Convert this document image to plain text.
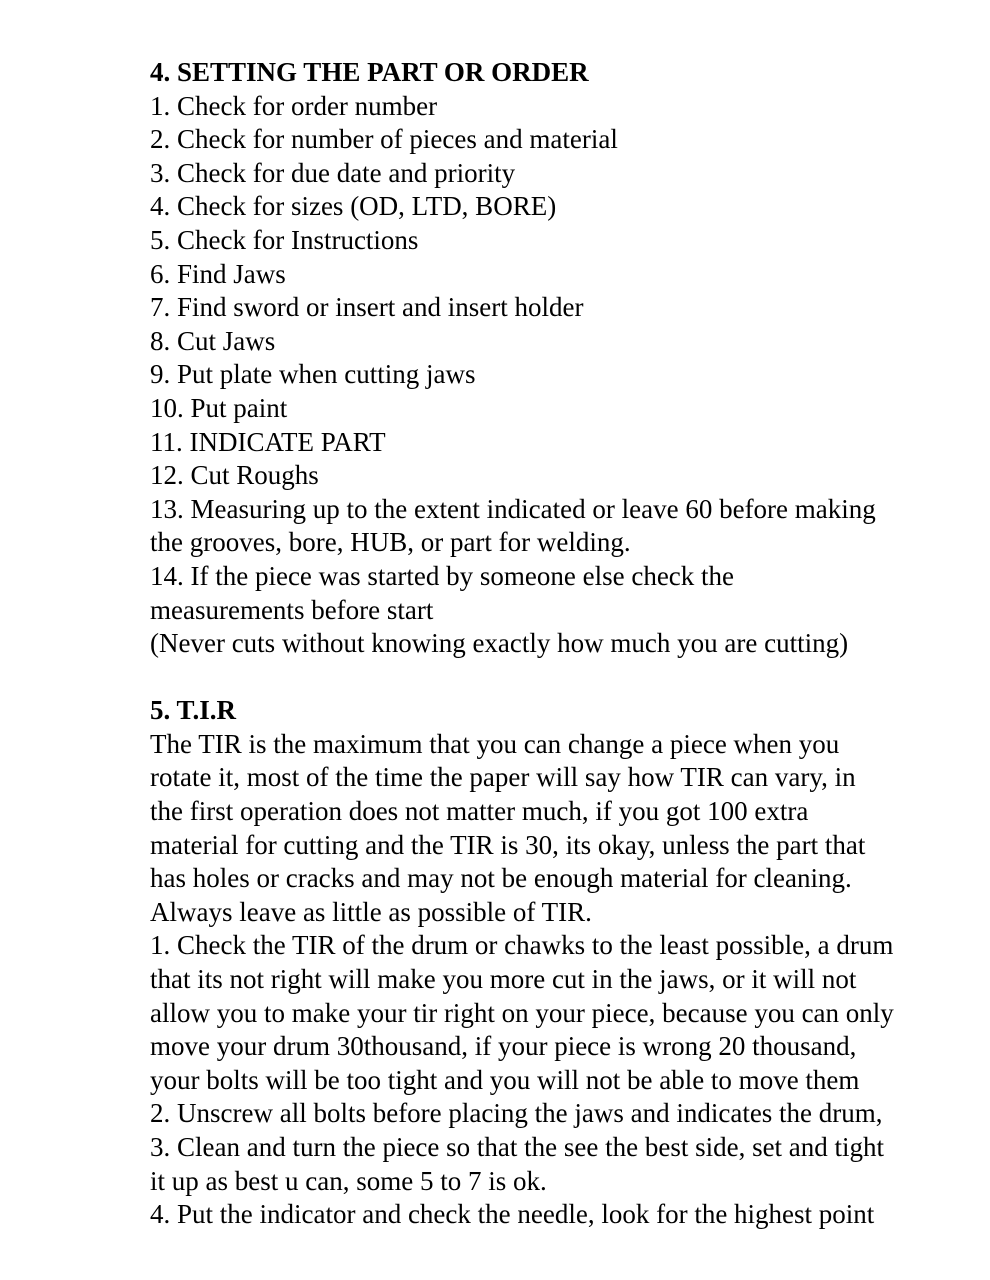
4. SETTING THE PART OR ORDER
1. Check for order number
2. Check for number of pieces and material
3. Check for due date and priority
4. Check for sizes (OD, LTD, BORE)
5. Check for Instructions
6. Find Jaws
7. Find sword or insert and insert holder
8. Cut Jaws
9. Put plate when cutting jaws
10. Put paint
11. INDICATE PART
12. Cut Roughs
13. Measuring up to the extent indicated or leave 60 before making
the grooves, bore, HUB, or part for welding.
14. If the piece was started by someone else check the
measurements before start
(Never cuts without knowing exactly how much you are cutting)
5. T.I.R
The TIR is the maximum that you can change a piece when you
rotate it, most of the time the paper will say how TIR can vary, in
the first operation does not matter much, if you got 100 extra
material for cutting and the TIR is 30, its okay, unless the part that
has holes or cracks and may not be enough material for cleaning.
Always leave as little as possible of TIR.
1. Check the TIR of the drum or chawks to the least possible, a drum
that its not right will make you more cut in the jaws, or it will not
allow you to make your tir right on your piece, because you can only
move your drum 30thousand, if your piece is wrong 20 thousand,
your bolts will be too tight and you will not be able to move them
2. Unscrew all bolts before placing the jaws and indicates the drum,
3. Clean and turn the piece so that the see the best side, set and tight
it up as best u can, some 5 to 7 is ok.
4. Put the indicator and check the needle, look for the highest point
